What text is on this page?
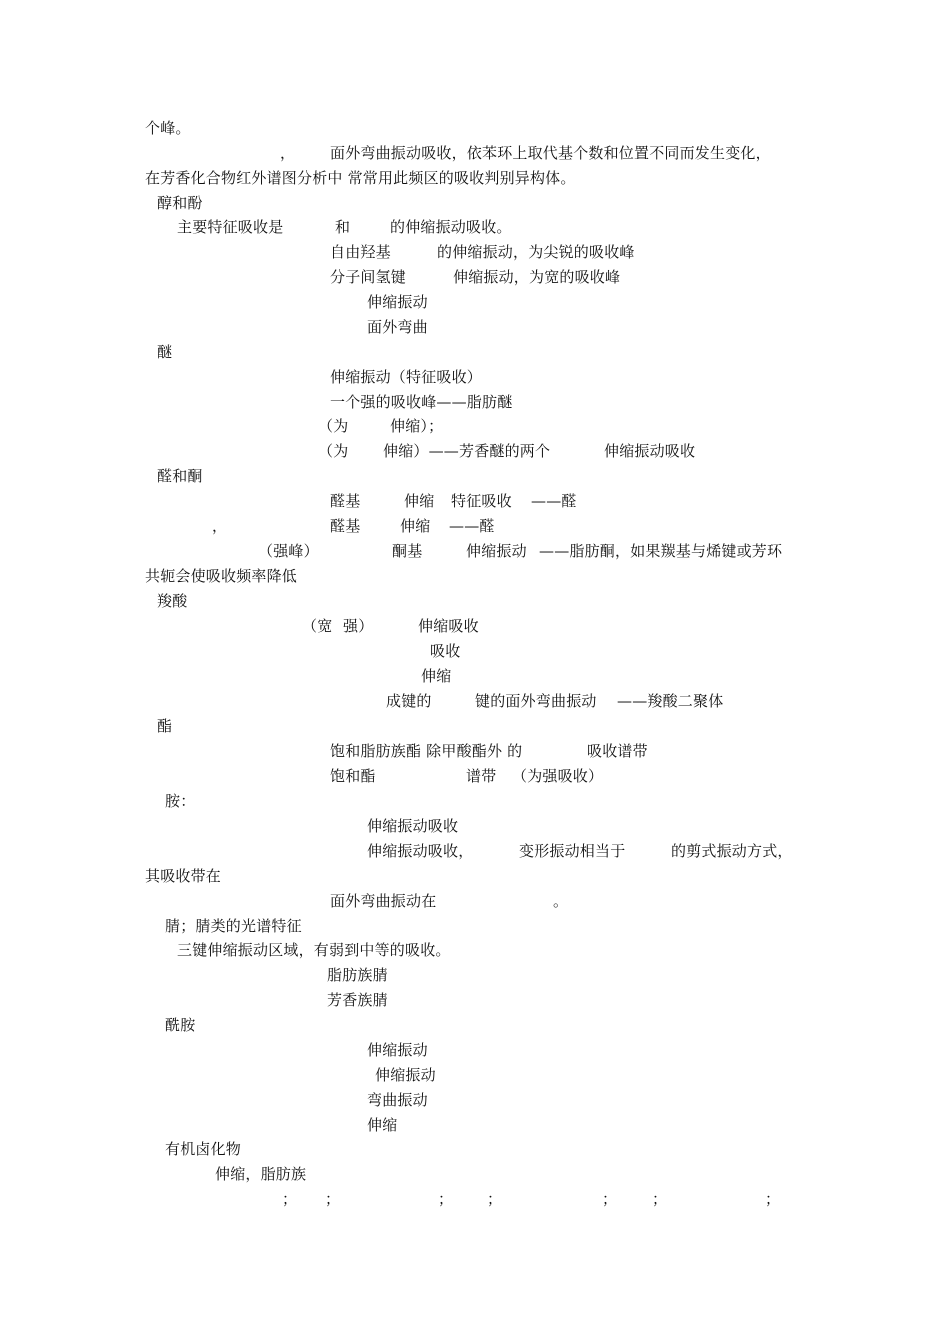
个峰。
， 面外弯曲振动吸收，依苯环上取代基个数和位置不同而发生变化，
在芳香化合物红外谱图分析中 常常用此频区的吸收判别异构体。
醇和酚
主要特征吸收是	和	的伸缩振动吸收。
自由羟基	的伸缩振动，为尖锐的吸收峰
分子间氢键	伸缩振动，为宽的吸收峰
伸缩振动
面外弯曲
醚
伸缩振动（特征吸收）
一个强的吸收峰——脂肪醚
（为	伸缩）；
（为 伸缩）——芳香醚的两个	伸缩振动吸收
醛和酮
醛基	伸缩 特征吸收 ——醛
，	醛基	伸缩 ——醛
（强峰）	酮基	伸缩振动 ——脂肪酮，如果羰基与烯键或芳环
共轭会使吸收频率降低
羧酸
（宽 强）	伸缩吸收
吸收
伸缩
成键的	键的面外弯曲振动 ——羧酸二聚体
酯
饱和脂肪族酯 除甲酸酯外 的	吸收谱带
饱和酯	谱带 （为强吸收）
胺：
伸缩振动吸收
伸缩振动吸收，	变形振动相当于	的剪式振动方式，
其吸收带在
面外弯曲振动在	。
腈；腈类的光谱特征
三键伸缩振动区域，有弱到中等的吸收。
脂肪族腈
芳香族腈
酰胺
伸缩振动
伸缩振动
弯曲振动
伸缩
有机卤化物
伸缩，脂肪族
； ；	； ；	； ；	；
